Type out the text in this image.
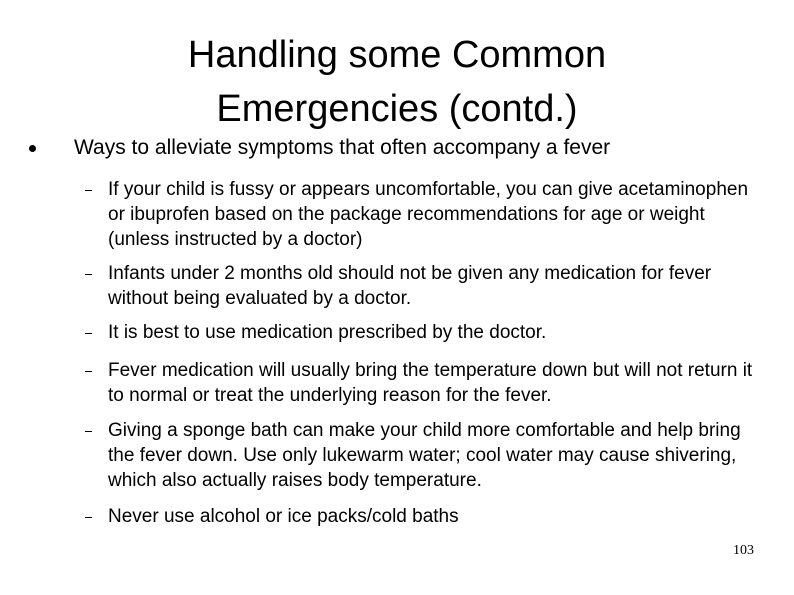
Handling some Common
Emergencies (contd.)
Ways to alleviate symptoms that often accompany a fever
If your child is fussy or appears uncomfortable, you can give acetaminophen or ibuprofen based on the package recommendations for age or weight (unless instructed by a doctor)
Infants under 2 months old should not be given any medication for fever without being evaluated by a doctor.
It is best to use medication prescribed by the doctor.
Fever medication will usually bring the temperature down but will not return it to normal or treat the underlying reason for the fever.
Giving a sponge bath can make your child more comfortable and help bring the fever down. Use only lukewarm water; cool water may cause shivering, which also actually raises body temperature.
Never use alcohol or ice packs/cold baths
103
